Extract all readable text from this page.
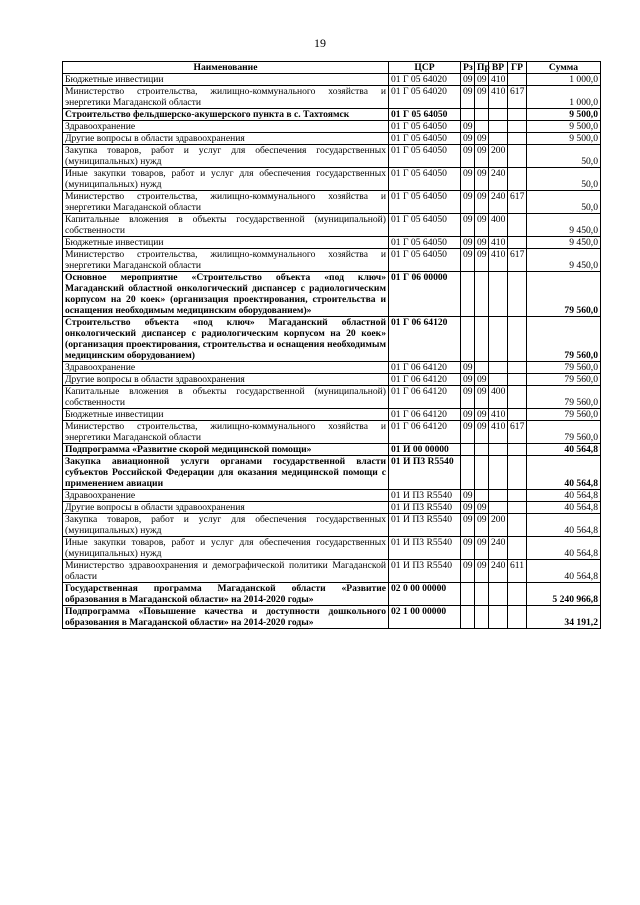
19
Наименование	ЦСР	Рз	Пр	ВР	ГР	Сумма
Бюджетные инвестиции	01 Г 05 64020	09	09	410		1 000,0
Министерство строительства, жилищно-коммунального хозяйства и энергетики Магаданской области	01 Г 05 64020	09	09	410	617	1 000,0
Строительство фельдшерско-акушерского пункта в с. Тахтоямск	01 Г 05 64050					9 500,0
Здравоохранение	01 Г 05 64050	09				9 500,0
Другие вопросы в области здравоохранения	01 Г 05 64050	09	09			9 500,0
Закупка товаров, работ и услуг для обеспечения государственных (муниципальных) нужд	01 Г 05 64050	09	09	200		50,0
Иные закупки товаров, работ и услуг для обеспечения государственных (муниципальных) нужд	01 Г 05 64050	09	09	240		50,0
Министерство строительства, жилищно-коммунального хозяйства и энергетики Магаданской области	01 Г 05 64050	09	09	240	617	50,0
Капитальные вложения в объекты государственной (муниципальной) собственности	01 Г 05 64050	09	09	400		9 450,0
Бюджетные инвестиции	01 Г 05 64050	09	09	410		9 450,0
Министерство строительства, жилищно-коммунального хозяйства и энергетики Магаданской области	01 Г 05 64050	09	09	410	617	9 450,0
Основное мероприятие «Строительство объекта «под ключ» Магаданский областной онкологический диспансер с радиологическим корпусом на 20 коек» (организация проектирования, строительства и оснащения необходимым медицинским оборудованием)»	01 Г 06 00000					79 560,0
Строительство объекта «под ключ» Магаданский областной онкологический диспансер с радиологическим корпусом на 20 коек» (организация проектирования, строительства и оснащения необходимым медицинским оборудованием)	01 Г 06 64120					79 560,0
Здравоохранение	01 Г 06 64120	09				79 560,0
Другие вопросы в области здравоохранения	01 Г 06 64120	09	09			79 560,0
Капитальные вложения в объекты государственной (муниципальной) собственности	01 Г 06 64120	09	09	400		79 560,0
Бюджетные инвестиции	01 Г 06 64120	09	09	410		79 560,0
Министерство строительства, жилищно-коммунального хозяйства и энергетики Магаданской области	01 Г 06 64120	09	09	410	617	79 560,0
Подпрограмма «Развитие скорой медицинской помощи»	01 И 00 00000					40 564,8
Закупка авиационной услуги органами государственной власти субъектов Российской Федерации для оказания медицинской помощи с применением авиации	01 И П3 R5540					40 564,8
Здравоохранение	01 И П3 R5540	09				40 564,8
Другие вопросы в области здравоохранения	01 И П3 R5540	09	09			40 564,8
Закупка товаров, работ и услуг для обеспечения государственных (муниципальных) нужд	01 И П3 R5540	09	09	200		40 564,8
Иные закупки товаров, работ и услуг для обеспечения государственных (муниципальных) нужд	01 И П3 R5540	09	09	240		40 564,8
Министерство здравоохранения и демографической политики Магаданской области	01 И П3 R5540	09	09	240	611	40 564,8
Государственная программа Магаданской области «Развитие образования в Магаданской области» на 2014-2020 годы»	02 0 00 00000					5 240 966,8
Подпрограмма «Повышение качества и доступности дошкольного образования в Магаданской области» на 2014-2020 годы»	02 1 00 00000					34 191,2
